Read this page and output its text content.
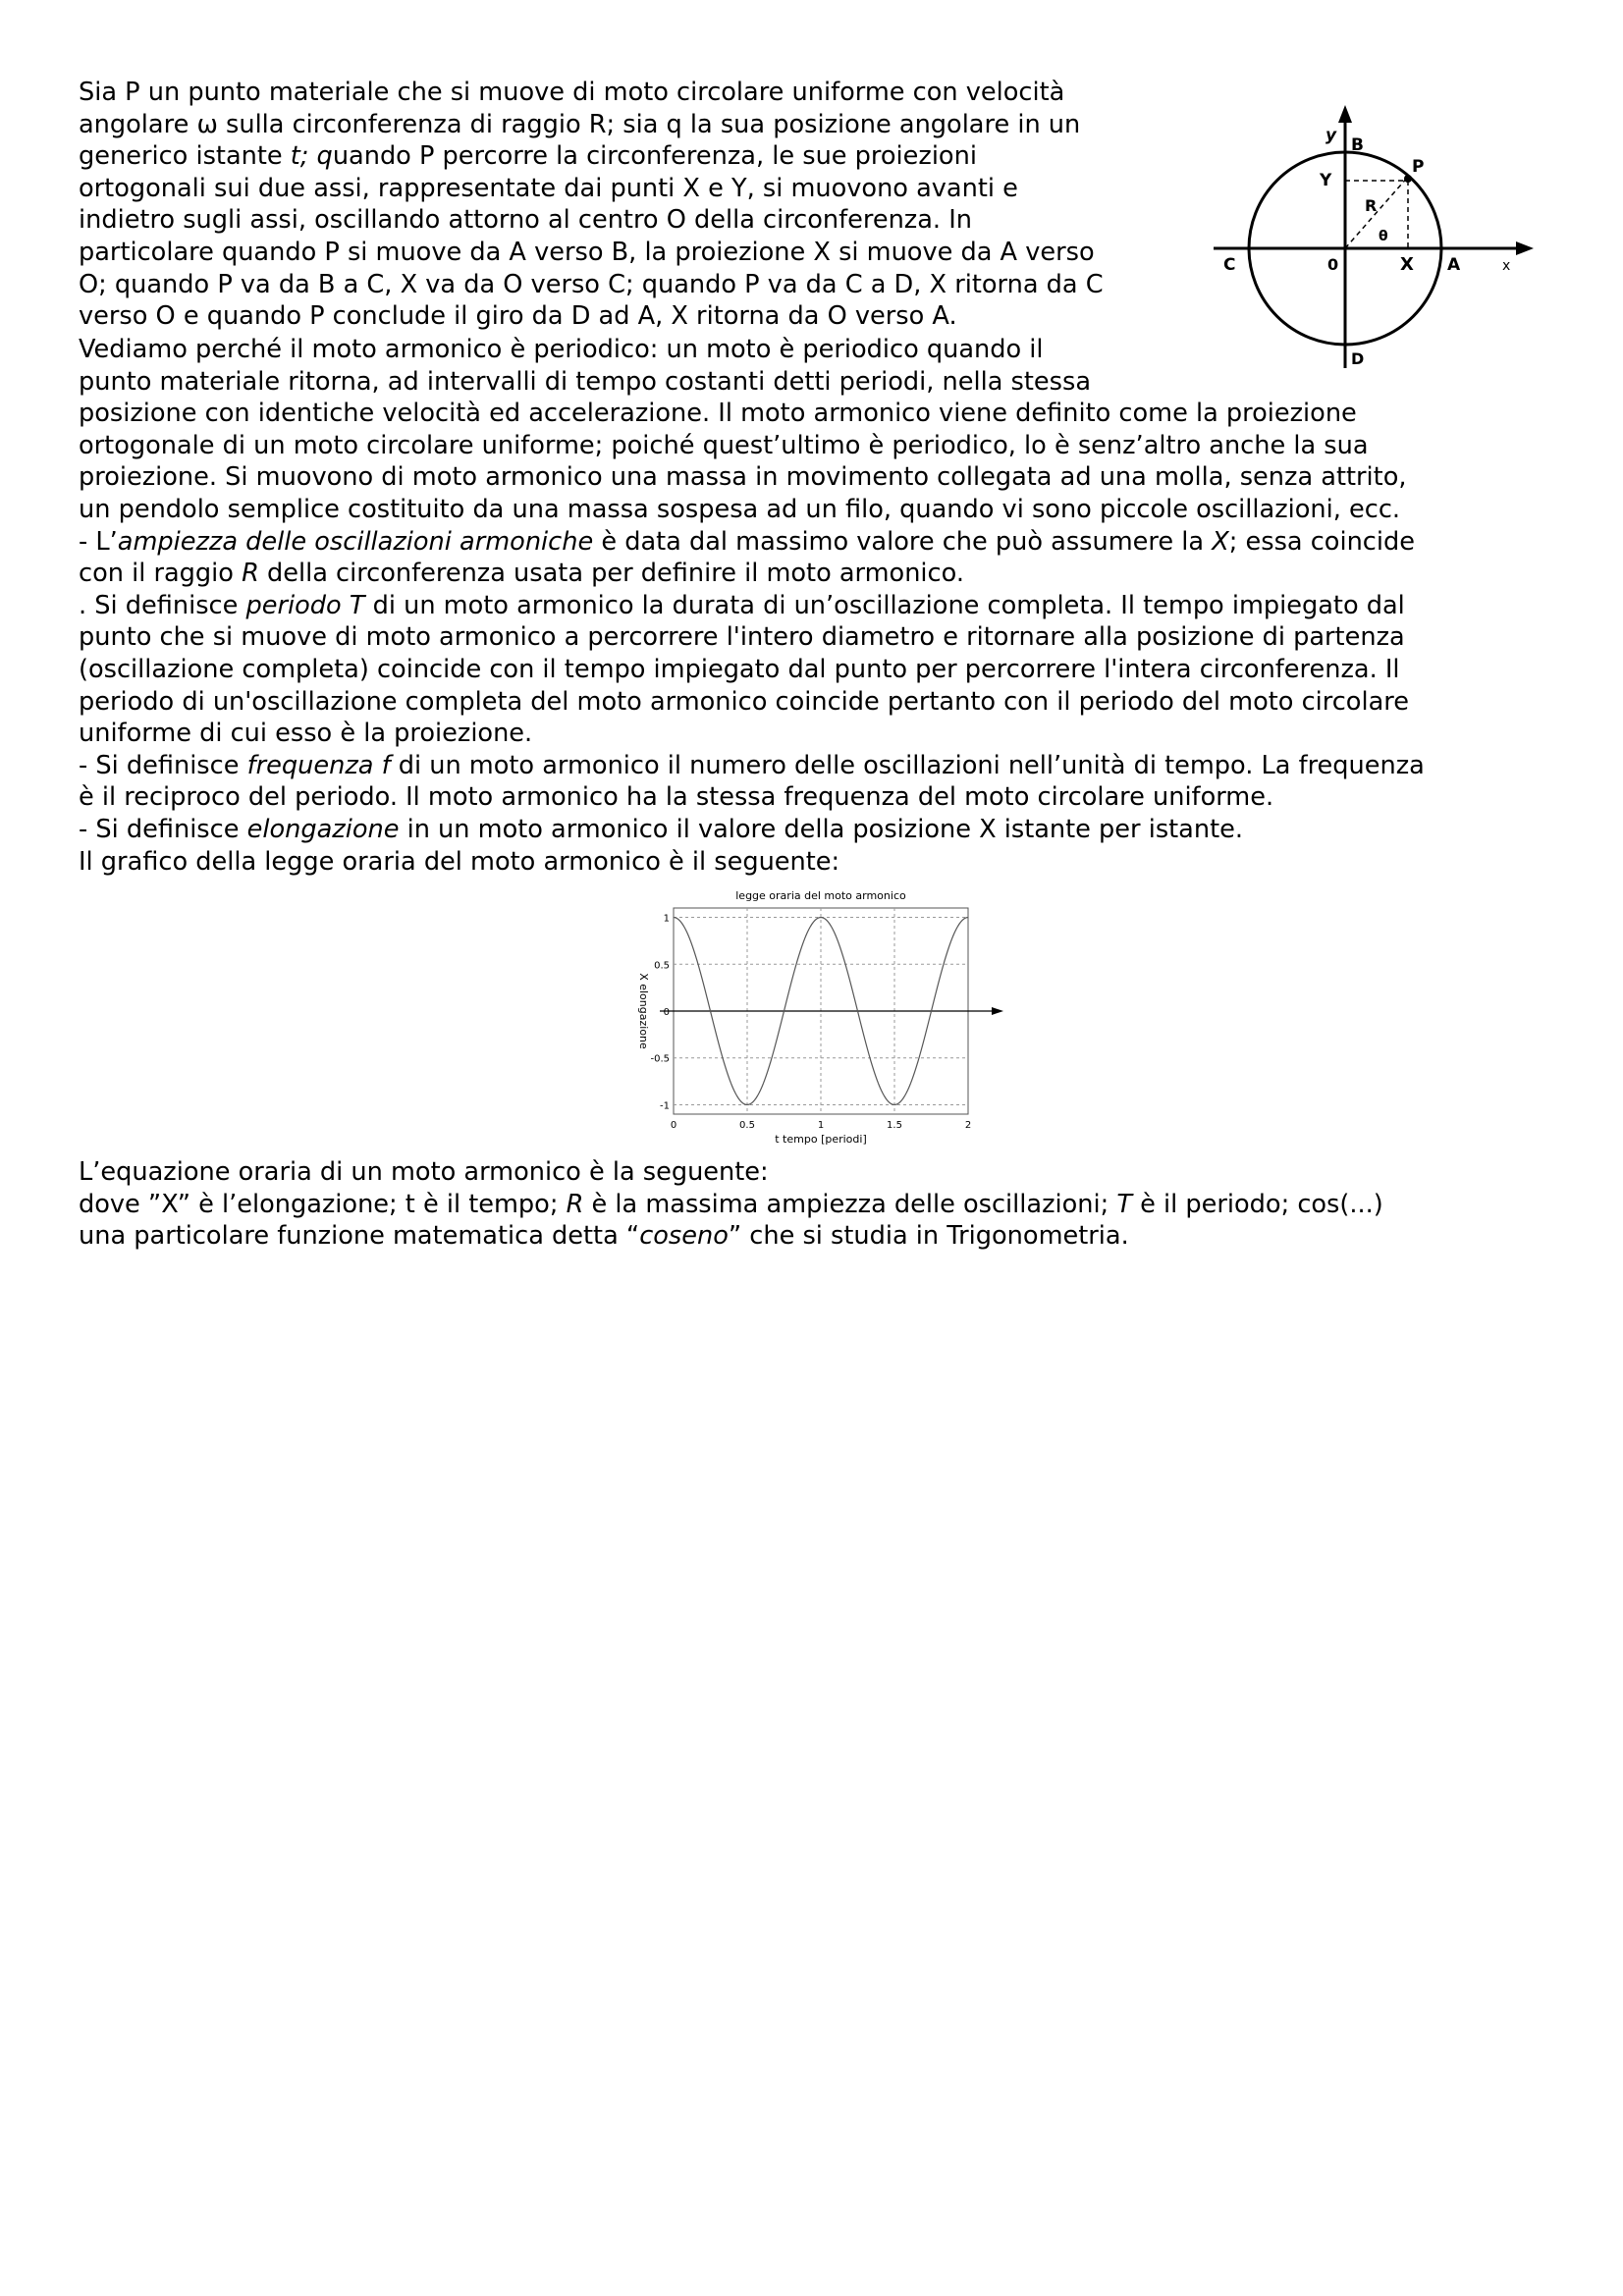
Sia P un punto materiale che si muove di moto circolare uniforme con velocità
angolare ω sulla circonferenza di raggio R; sia q la sua posizione angolare in un
generico istante t; quando P percorre la circonferenza, le sue proiezioni
ortogonali sui due assi, rappresentate dai punti X e Y, si muovono avanti e
indietro sugli assi, oscillando attorno al centro O della circonferenza. In
particolare quando P si muove da A verso B, la proiezione X si muove da A verso
O; quando P va da B a C, X va da O verso C; quando P va da C a D, X ritorna da C
verso O e quando P conclude il giro da D ad A, X ritorna da O verso A.
Vediamo perché il moto armonico è periodico: un moto è periodico quando il
punto materiale ritorna, ad intervalli di tempo costanti detti periodi, nella stessa
posizione con identiche velocità ed accelerazione. Il moto armonico viene definito come la proiezione
ortogonale di un moto circolare uniforme; poiché quest’ultimo è periodico, lo è senz’altro anche la sua
proiezione. Si muovono di moto armonico una massa in movimento collegata ad una molla, senza attrito,
un pendolo semplice costituito da una massa sospesa ad un filo, quando vi sono piccole oscillazioni, ecc.
- L’ampiezza delle oscillazioni armoniche è data dal massimo valore che può assumere la X; essa coincide
con il raggio R della circonferenza usata per definire il moto armonico.
. Si definisce periodo T di un moto armonico la durata di un’oscillazione completa. Il tempo impiegato dal
punto che si muove di moto armonico a percorrere l'intero diametro e ritornare alla posizione di partenza
(oscillazione completa) coincide con il tempo impiegato dal punto per percorrere l'intera circonferenza. Il
periodo di un'oscillazione completa del moto armonico coincide pertanto con il periodo del moto circolare
uniforme di cui esso è la proiezione.
- Si definisce frequenza f di un moto armonico il numero delle oscillazioni nell’unità di tempo. La frequenza
è il reciproco del periodo. Il moto armonico ha la stessa frequenza del moto circolare uniforme.
- Si definisce elongazione in un moto armonico il valore della posizione X istante per istante.
Il grafico della legge oraria del moto armonico è il seguente:
y B
P
Y
R
θ
C	0	X A	x
D
legge oraria del moto armonico
0	0.5	1	1.5	2
-1
-0.5
0
0.5
1
t tempo [periodi]
X elongazione
L’equazione oraria di un moto armonico è la seguente:
dove ”X” è l’elongazione; t è il tempo; R è la massima ampiezza delle oscillazioni; T è il periodo; cos(...)
una particolare funzione matematica detta “coseno” che si studia in Trigonometria.
